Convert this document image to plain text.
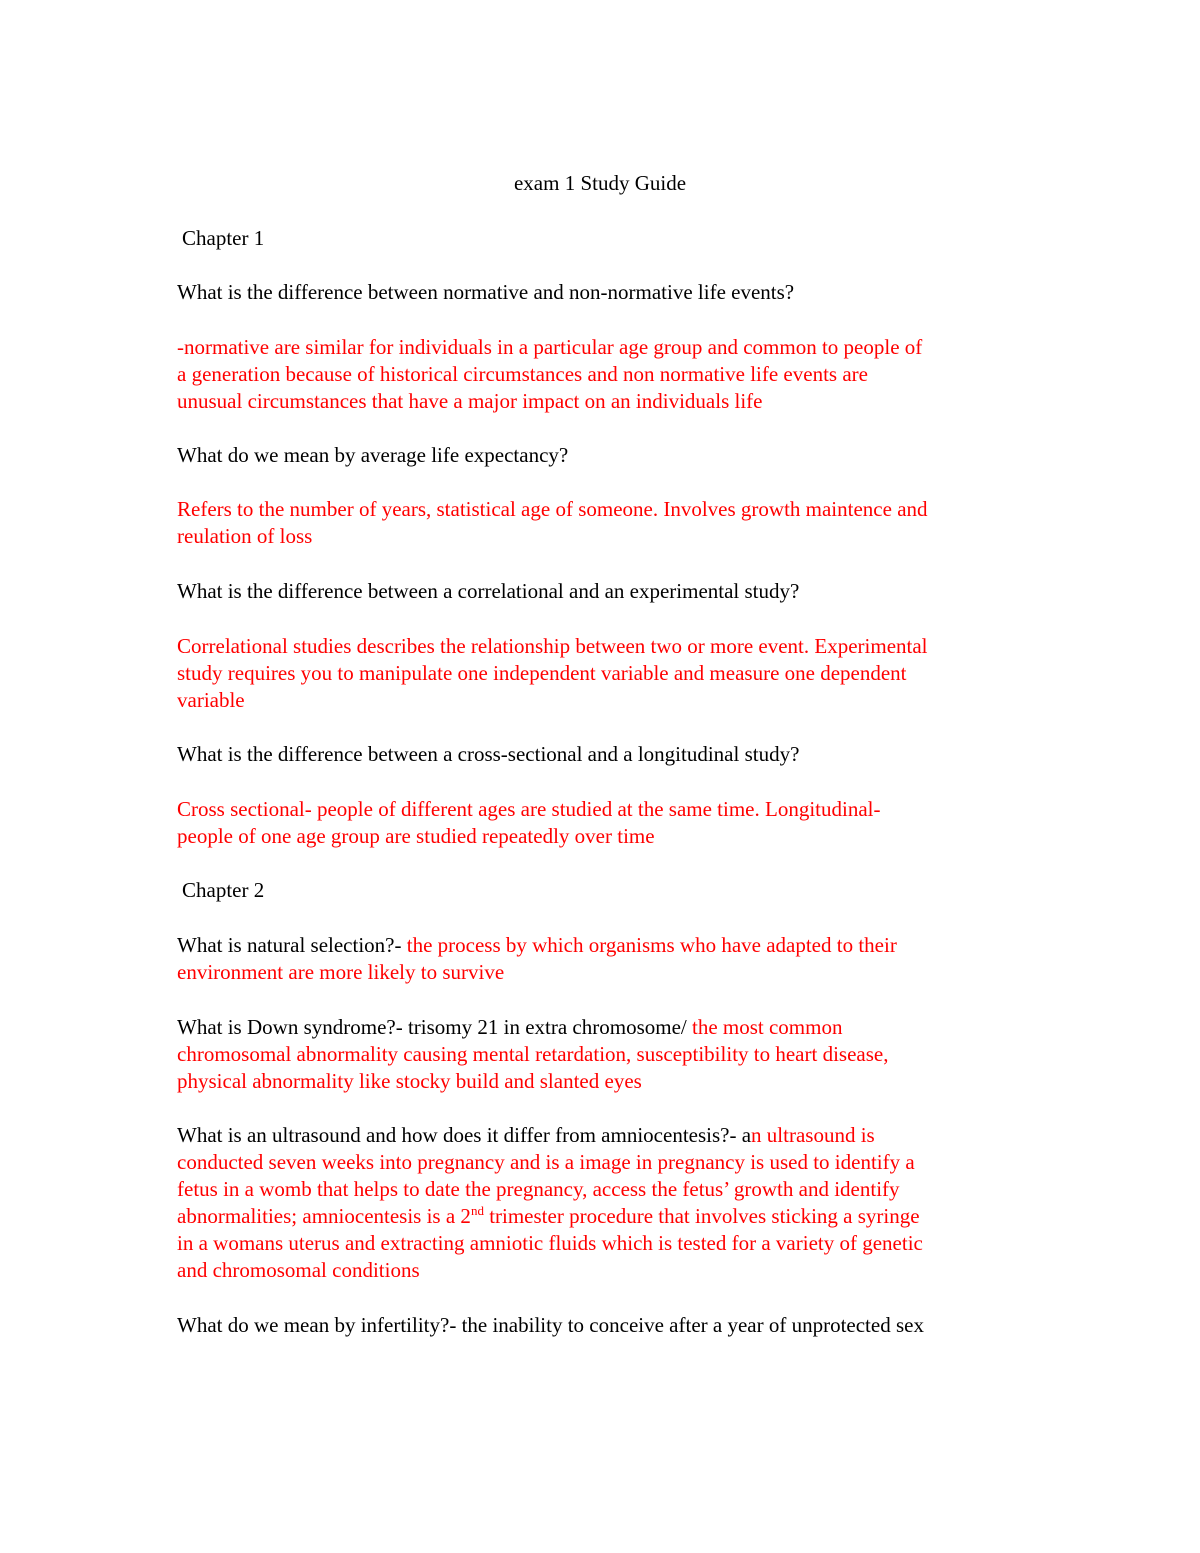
exam 1 Study Guide

Chapter 1

What is the difference between normative and non-normative life events?

-normative are similar for individuals in a particular age group and common to people of
a generation because of historical circumstances and non normative life events are
unusual circumstances that have a major impact on an individuals life

What do we mean by average life expectancy?

Refers to the number of years, statistical age of someone. Involves growth maintence and
reulation of loss

What is the difference between a correlational and an experimental study?

Correlational studies describes the relationship between two or more event. Experimental
study requires you to manipulate one independent variable and measure one dependent
variable

What is the difference between a cross-sectional and a longitudinal study?

Cross sectional- people of different ages are studied at the same time. Longitudinal-
people of one age group are studied repeatedly over time

Chapter 2

What is natural selection?- the process by which organisms who have adapted to their
environment are more likely to survive
What is Down syndrome?- trisomy 21 in extra chromosome/ the most common
chromosomal abnormality causing mental retardation, susceptibility to heart disease,
physical abnormality like stocky build and slanted eyes
What is an ultrasound and how does it differ from amniocentesis?- an ultrasound is
conducted seven weeks into pregnancy and is a image in pregnancy is used to identify a
fetus in a womb that helps to date the pregnancy, access the fetus’ growth and identify
abnormalities; amniocentesis is a 2nd trimester procedure that involves sticking a syringe
in a womans uterus and extracting amniotic fluids which is tested for a variety of genetic
and chromosomal conditions

What do we mean by infertility?- the inability to conceive after a year of unprotected sex
